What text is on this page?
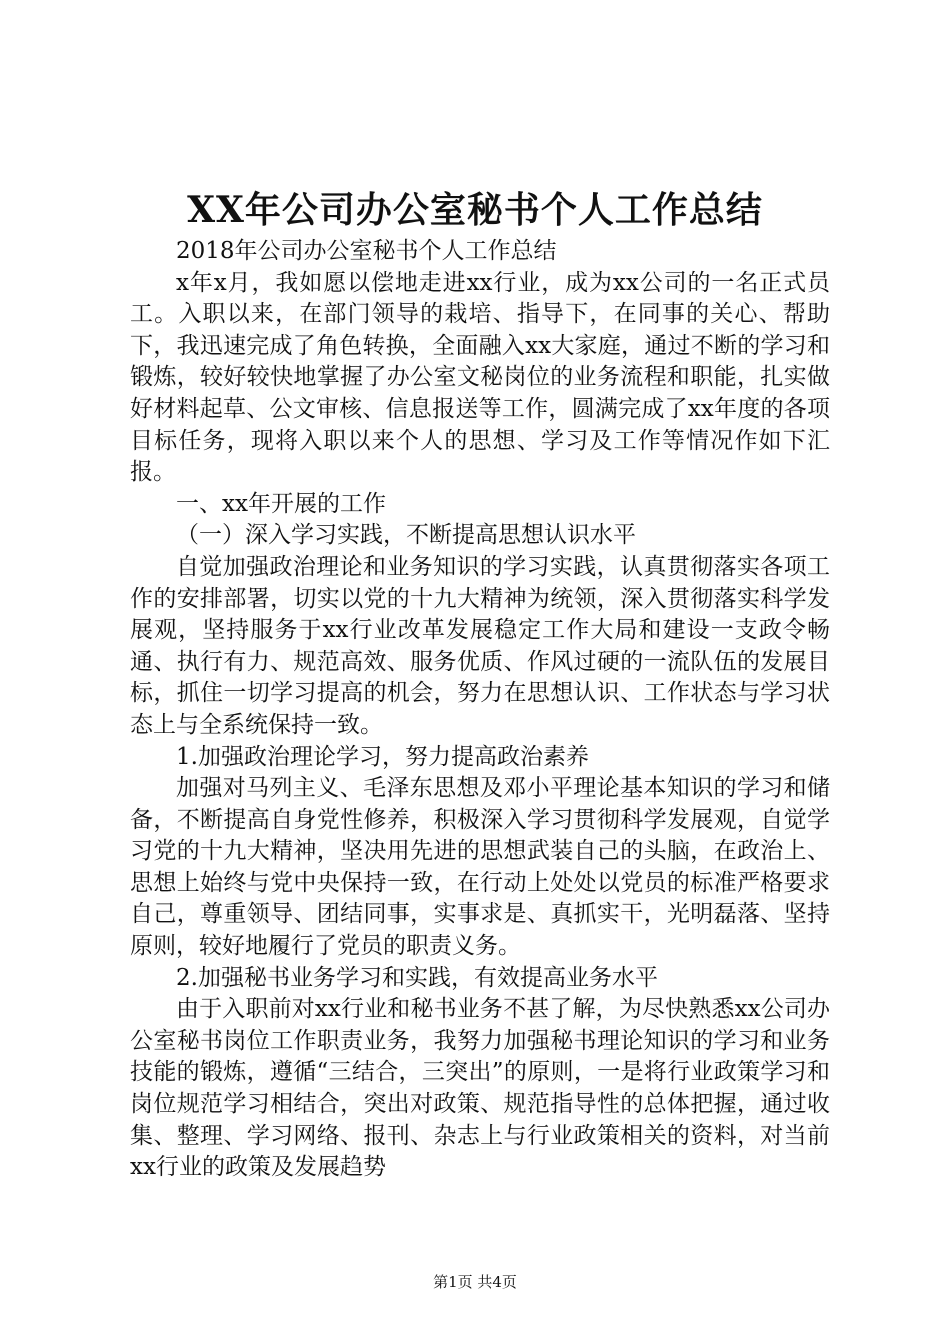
XX年公司办公室秘书个人工作总结

2018年公司办公室秘书个人工作总结

x年x月，我如愿以偿地走进xx行业，成为xx公司的一名正式员工。入职以来，在部门领导的栽培、指导下，在同事的关心、帮助下，我迅速完成了角色转换，全面融入xx大家庭，通过不断的学习和锻炼，较好较快地掌握了办公室文秘岗位的业务流程和职能，扎实做好材料起草、公文审核、信息报送等工作，圆满完成了xx年度的各项目标任务，现将入职以来个人的思想、学习及工作等情况作如下汇报。

一、xx年开展的工作

（一）深入学习实践，不断提高思想认识水平

自觉加强政治理论和业务知识的学习实践，认真贯彻落实各项工作的安排部署，切实以党的十九大精神为统领，深入贯彻落实科学发展观，坚持服务于xx行业改革发展稳定工作大局和建设一支政令畅通、执行有力、规范高效、服务优质、作风过硬的一流队伍的发展目标，抓住一切学习提高的机会，努力在思想认识、工作状态与学习状态上与全系统保持一致。

1.加强政治理论学习，努力提高政治素养

加强对马列主义、毛泽东思想及邓小平理论基本知识的学习和储备，不断提高自身党性修养，积极深入学习贯彻科学发展观，自觉学习党的十九大精神，坚决用先进的思想武装自己的头脑，在政治上、思想上始终与党中央保持一致，在行动上处处以党员的标准严格要求自己，尊重领导、团结同事，实事求是、真抓实干，光明磊落、坚持原则，较好地履行了党员的职责义务。

2.加强秘书业务学习和实践，有效提高业务水平

由于入职前对xx行业和秘书业务不甚了解，为尽快熟悉xx公司办公室秘书岗位工作职责业务，我努力加强秘书理论知识的学习和业务技能的锻炼，遵循“三结合，三突出”的原则，一是将行业政策学习和岗位规范学习相结合，突出对政策、规范指导性的总体把握，通过收集、整理、学习网络、报刊、杂志上与行业政策相关的资料，对当前xx行业的政策及发展趋势

第1页 共4页
